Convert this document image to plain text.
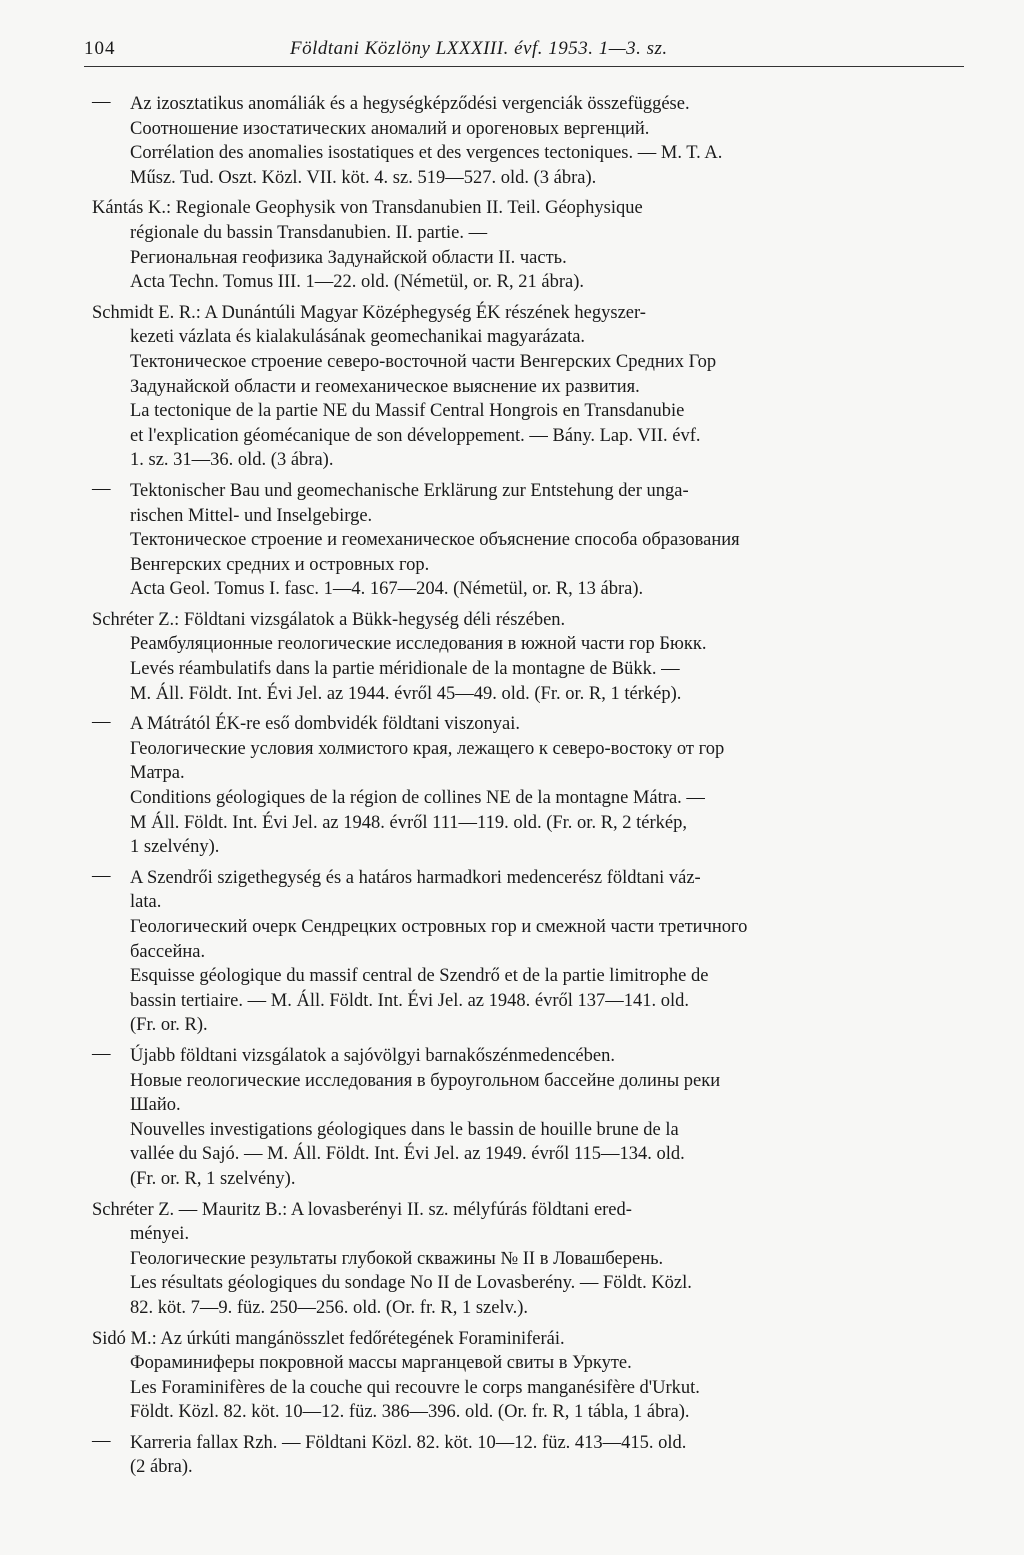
104	Földtani Közlöny LXXXIII. évf. 1953. 1—3. sz.
— Az izosztatikus anomáliák és a hegységképződési vergenciák összefüggése.
Соотношение изостатических аномалий и орогеновых вергенций.
Corrélation des anomalies isostatiques et des vergences tectoniques. — M. T. A.
Műsz. Tud. Oszt. Közl. VII. köt. 4. sz. 519—527. old. (3 ábra).
Kántás K.: Regionale Geophysik von Transdanubien II. Teil. Géophysique
régionale du bassin Transdanubien. II. partie. —
Региональная геофизика Задунайской области II. часть.
Acta Techn. Tomus III. 1—22. old. (Németül, or. R, 21 ábra).
Schmidt E. R.: A Dunántúli Magyar Középhegység ÉK részének hegyszer-
kezeti vázlata és kialakulásának geomechanikai magyarázata.
Тектоническое строение северо-восточной части Венгерских Средних Гор
Задунайской области и геомеханическое выяснение их развития.
La tectonique de la partie NE du Massif Central Hongrois en Transdanubie
et l'explication géomécanique de son développement. — Bány. Lap. VII. évf.
1. sz. 31—36. old. (3 ábra).
— Tektonischer Bau und geomechanische Erklärung zur Entstehung der unga-
rischen Mittel- und Inselgebirge.
Тектоническое строение и геомеханическое объяснение способа образования
Венгерских средних и островных гор.
Acta Geol. Tomus I. fasc. 1—4. 167—204. (Németül, or. R, 13 ábra).
Schréter Z.: Földtani vizsgálatok a Bükk-hegység déli részében.
Реамбуляционные геологические исследования в южной части гор Бюкк.
Levés réambulatifs dans la partie méridionale de la montagne de Bükk. —
M. Áll. Földt. Int. Évi Jel. az 1944. évről 45—49. old. (Fr. or. R, 1 térkép).
— A Mátrától ÉK-re eső dombvidék földtani viszonyai.
Геологические условия холмистого края, лежащего к северо-востоку от гор
Матра.
Conditions géologiques de la région de collines NE de la montagne Mátra. —
M Áll. Földt. Int. Évi Jel. az 1948. évről 111—119. old. (Fr. or. R, 2 térkép,
1 szelvény).
— A Szendrői szigethegység és a határos harmadkori medencerész földtani váz-
lata.
Геологический очерк Сендрецких островных гор и смежной части третичного
бассейна.
Esquisse géologique du massif central de Szendrő et de la partie limitrophe de
bassin tertiaire. — M. Áll. Földt. Int. Évi Jel. az 1948. évről 137—141. old.
(Fr. or. R).
— Újabb földtani vizsgálatok a sajóvölgyi barnakőszénmedencében.
Новые геологические исследования в буроугольном бассейне долины реки
Шайо.
Nouvelles investigations géologiques dans le bassin de houille brune de la
vallée du Sajó. — M. Áll. Földt. Int. Évi Jel. az 1949. évről 115—134. old.
(Fr. or. R, 1 szelvény).
Schréter Z. — Mauritz B.: A lovasberényi II. sz. mélyfúrás földtani ered-
ményei.
Геологические результаты глубокой скважины № II в Ловашберень.
Les résultats géologiques du sondage No II de Lovasberény. — Földt. Közl.
82. köt. 7—9. füz. 250—256. old. (Or. fr. R, 1 szelv.).
Sidó M.: Az úrkúti mangánösszlet fedőrétegének Foraminiferái.
Фораминиферы покровной массы марганцевой свиты в Уркуте.
Les Foraminifères de la couche qui recouvre le corps manganésifère d'Urkut.
Földt. Közl. 82. köt. 10—12. füz. 386—396. old. (Or. fr. R, 1 tábla, 1 ábra).
— Karreria fallax Rzh. — Földtani Közl. 82. köt. 10—12. füz. 413—415. old.
(2 ábra).
